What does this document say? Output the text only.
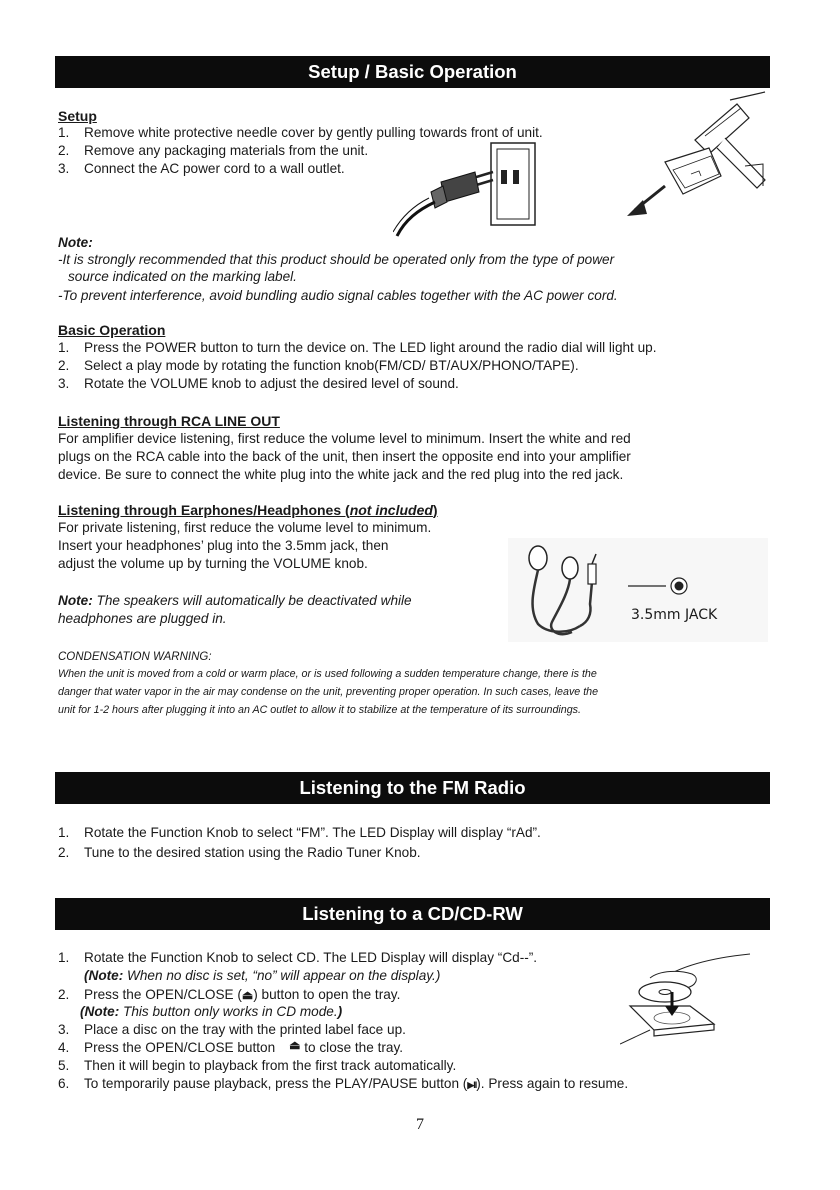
Setup / Basic Operation
Setup
1. Remove white protective needle cover by gently pulling towards front of unit.
2. Remove any packaging materials from the unit.
3. Connect the AC power cord to a wall outlet.
Note:
-It is strongly recommended that this product should be operated only from the type of power
source indicated on the marking label.
-To prevent interference, avoid bundling audio signal cables together with the AC power cord.
Basic Operation
1. Press the POWER button to turn the device on. The LED light around the radio dial will light up.
2. Select a play mode by rotating the function knob(FM/CD/ BT/AUX/PHONO/TAPE).
3. Rotate the VOLUME knob to adjust the desired level of sound.
Listening through RCA LINE OUT
For amplifier device listening, first reduce the volume level to minimum. Insert the white and red
plugs on the RCA cable into the back of the unit, then insert the opposite end into your amplifier
device. Be sure to connect the white plug into the white jack and the red plug into the red jack.
Listening through Earphones/Headphones (not included)
For private listening, first reduce the volume level to minimum.
Insert your headphones’ plug into the 3.5mm jack, then
adjust the volume up by turning the VOLUME knob.
Note: The speakers will automatically be deactivated while
headphones are plugged in.	3.5mm JACK
CONDENSATION WARNING:
When the unit is moved from a cold or warm place, or is used following a sudden temperature change, there is the
danger that water vapor in the air may condense on the unit, preventing proper operation. In such cases, leave the
unit for 1-2 hours after plugging it into an AC outlet to allow it to stabilize at the temperature of its surroundings.
Listening to the FM Radio
1. Rotate the Function Knob to select “FM”. The LED Display will display “rAd”.
2. Tune to the desired station using the Radio Tuner Knob.
Listening to a CD/CD-RW
1. Rotate the Function Knob to select CD. The LED Display will display “Cd--”.
(Note: When no disc is set, “no” will appear on the display.)
2. Press the OPEN/CLOSE (⏏) button to open the tray.
(Note: This button only works in CD mode.)
3. Place a disc on the tray with the printed label face up.
4. Press the OPEN/CLOSE button ⏏ to close the tray.
5. Then it will begin to playback from the first track automatically.
6. To temporarily pause playback, press the PLAY/PAUSE button (▶II). Press again to resume.
7
